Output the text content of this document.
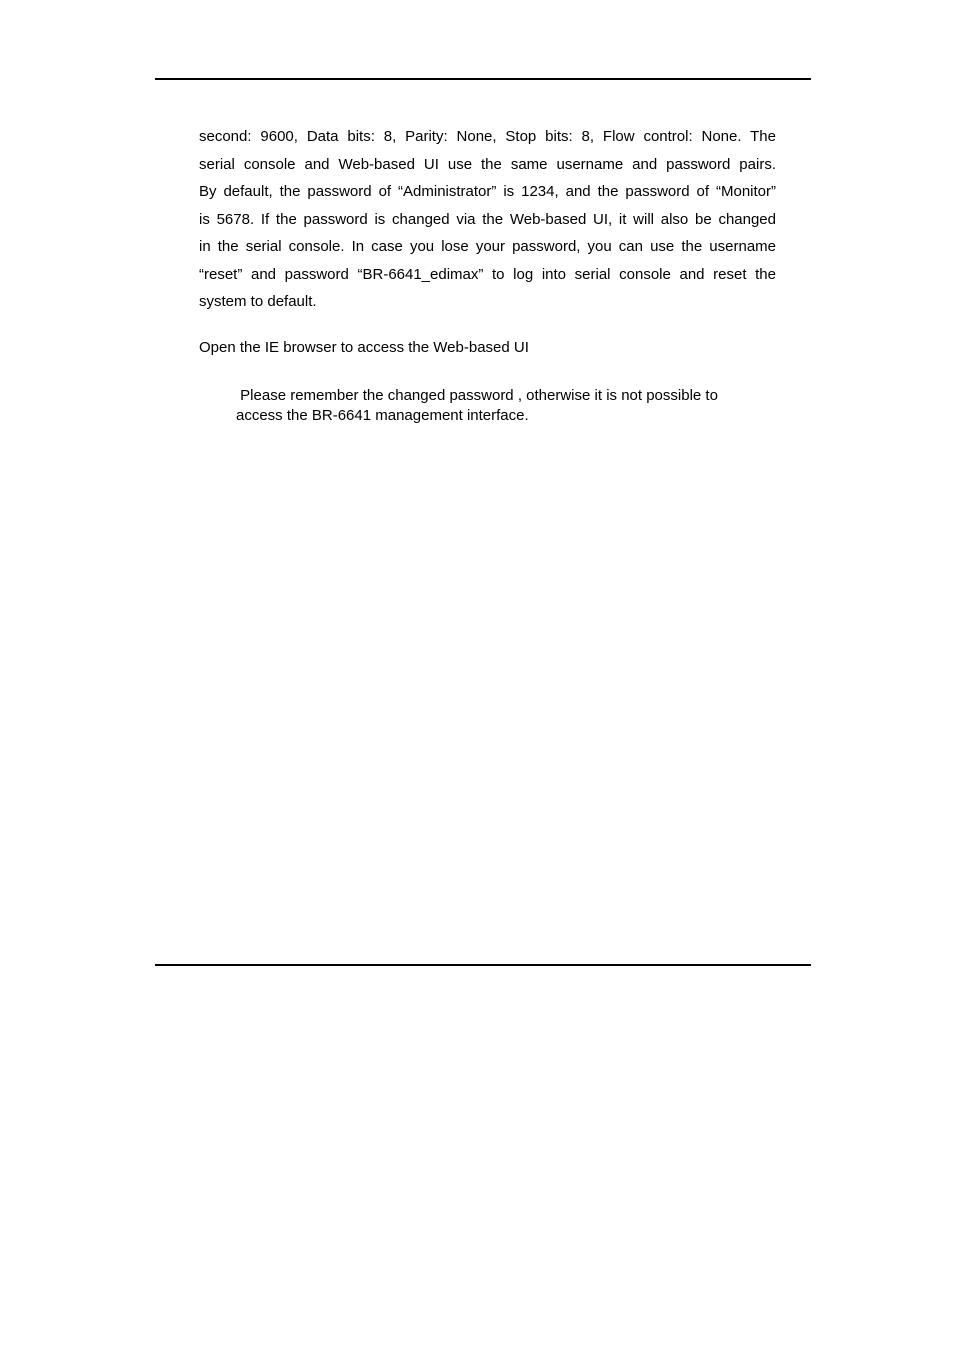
second: 9600, Data bits: 8, Parity: None, Stop bits: 8, Flow control: None. The
serial console and Web-based UI use the same username and password pairs.
By default, the password of “Administrator” is 1234, and the password of “Monitor”
is 5678. If the password is changed via the Web-based UI, it will also be changed
in the serial console. In case you lose your password, you can use the username
“reset” and password “BR-6641_edimax” to log into serial console and reset the
system to default.

Open the IE browser to access the Web-based UI

Please remember the changed password , otherwise it is not possible to
access the BR-6641 management interface.
